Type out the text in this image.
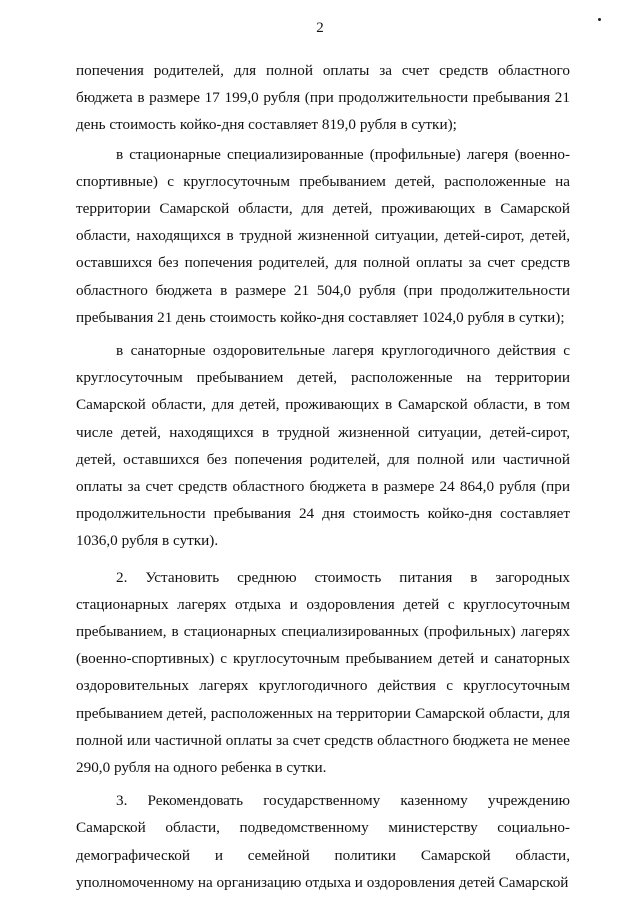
2

попечения родителей, для полной оплаты за счет средств областного бюджета в размере 17 199,0 рубля (при продолжительности пребывания 21 день стоимость койко-дня составляет 819,0 рубля в сутки);

в стационарные специализированные (профильные) лагеря (военно-спортивные) с круглосуточным пребыванием детей, расположенные на территории Самарской области, для детей, проживающих в Самарской области, находящихся в трудной жизненной ситуации, детей-сирот, детей, оставшихся без попечения родителей, для полной оплаты за счет средств областного бюджета в размере 21 504,0 рубля (при продолжительности пребывания 21 день стоимость койко-дня составляет 1024,0 рубля в сутки);

в санаторные оздоровительные лагеря круглогодичного действия с круглосуточным пребыванием детей, расположенные на территории Самарской области, для детей, проживающих в Самарской области, в том числе детей, находящихся в трудной жизненной ситуации, детей-сирот, детей, оставшихся без попечения родителей, для полной или частичной оплаты за счет средств областного бюджета в размере 24 864,0 рубля (при продолжительности пребывания 24 дня стоимость койко-дня составляет 1036,0 рубля в сутки).

2. Установить среднюю стоимость питания в загородных стационарных лагерях отдыха и оздоровления детей с круглосуточным пребыванием, в стационарных специализированных (профильных) лагерях (военно-спортивных) с круглосуточным пребыванием детей и санаторных оздоровительных лагерях круглогодичного действия с круглосуточным пребыванием детей, расположенных на территории Самарской области, для полной или частичной оплаты за счет средств областного бюджета не менее 290,0 рубля на одного ребенка в сутки.

3. Рекомендовать государственному казенному учреждению Самарской области, подведомственному министерству социально-демографической и семейной политики Самарской области, уполномоченному на организацию отдыха и оздоровления детей Самарской
